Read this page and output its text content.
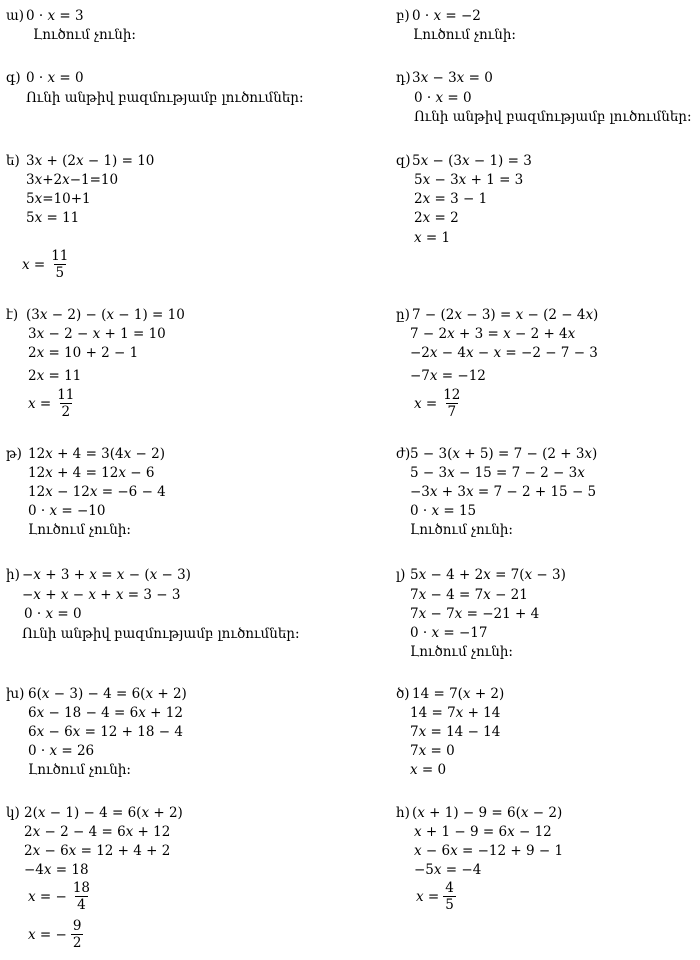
ա) 0 · 𝑥 = 3
Լուծում չունի:
բ) 0 · 𝑥 = −2
Լուծում չունի:
գ) 0 · 𝑥 = 0
Ունի անթիվ բազմությամբ լուծումներ:
դ) 3𝑥 − 3𝑥 = 0
0 · 𝑥 = 0
Ունի անթիվ բազմությամբ լուծումներ:
ե) 3𝑥 + (2𝑥 − 1) = 10
3𝑥+2𝑥−1=10
5𝑥=10+1
5𝑥 = 11
𝑥 = $\frac{11}{5}$
զ) 5𝑥 − (3𝑥 − 1) = 3
5𝑥 − 3𝑥 + 1 = 3
2𝑥 = 3 − 1
2𝑥 = 2
𝑥 = 1
է) (3𝑥 − 2) − (𝑥 − 1) = 10
3𝑥 − 2 − 𝑥 + 1 = 10
2𝑥 = 10 + 2 − 1
2𝑥 = 11
𝑥 = $\frac{11}{2}$
ը) 7 − (2𝑥 − 3) = 𝑥 − (2 − 4𝑥)
7 − 2𝑥 + 3 = 𝑥 − 2 + 4𝑥
−2𝑥 − 4𝑥 − 𝑥 = −2 − 7 − 3
−7𝑥 = −12
𝑥 = $\frac{12}{7}$
թ) 12𝑥 + 4 = 3(4𝑥 − 2)
12𝑥 + 4 = 12𝑥 − 6
12𝑥 − 12𝑥 = −6 − 4
0 · 𝑥 = −10
Լուծում չունի:
ժ) 5 − 3(𝑥 + 5) = 7 − (2 + 3𝑥)
5 − 3𝑥 − 15 = 7 − 2 − 3𝑥
−3𝑥 + 3𝑥 = 7 − 2 + 15 − 5
0 · 𝑥 = 15
Լուծում չունի:
ի) −𝑥 + 3 + 𝑥 = 𝑥 − (𝑥 − 3)
−𝑥 + 𝑥 − 𝑥 + 𝑥 = 3 − 3
0 · 𝑥 = 0
Ունի անթիվ բազմությամբ լուծումներ:
լ) 5𝑥 − 4 + 2𝑥 = 7(𝑥 − 3)
7𝑥 − 4 = 7𝑥 − 21
7𝑥 − 7𝑥 = −21 + 4
0 · 𝑥 = −17
Լուծում չունի:
խ) 6(𝑥 − 3) − 4 = 6(𝑥 + 2)
6𝑥 − 18 − 4 = 6𝑥 + 12
6𝑥 − 6𝑥 = 12 + 18 − 4
0 · 𝑥 = 26
Լուծում չունի:
ծ) 14 = 7(𝑥 + 2)
14 = 7𝑥 + 14
7𝑥 = 14 − 14
7𝑥 = 0
𝑥 = 0
կ) 2(𝑥 − 1) − 4 = 6(𝑥 + 2)
2𝑥 − 2 − 4 = 6𝑥 + 12
2𝑥 − 6𝑥 = 12 + 4 + 2
−4𝑥 = 18
𝑥 = − $\frac{18}{4}$
𝑥 = − $\frac{9}{2}$
հ) (𝑥 + 1) − 9 = 6(𝑥 − 2)
𝑥 + 1 − 9 = 6𝑥 − 12
𝑥 − 6𝑥 = −12 + 9 − 1
−5𝑥 = −4
𝑥 = $\frac{4}{5}$
